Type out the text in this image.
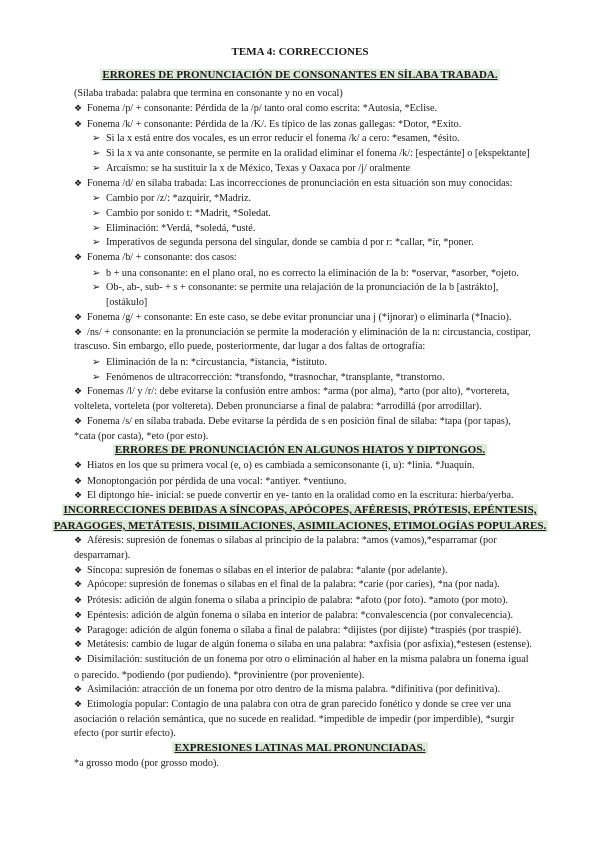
TEMA 4: CORRECCIONES
ERRORES DE PRONUNCIACIÓN DE CONSONANTES EN SÍLABA TRABADA.
(Sílaba trabada: palabra que termina en consonante y no en vocal)
❖ Fonema /p/ + consonante: Pérdida de la /p/ tanto oral como escrita: *Autosia, *Eclise.
❖ Fonema /k/ + consonante: Pérdida de la /K/. Es típico de las zonas gallegas: *Dotor, *Exito.
➢ Si la x está entre dos vocales, es un error reducir el fonema /k/ a cero: *esamen, *ésito.
➢ Si la x va ante consonante, se permite en la oralidad eliminar el fonema /k/: [espectánte] o [ekspektante]
➢ Arcaísmo: se ha sustituir la x de México, Texas y Oaxaca por /j/ oralmente
❖ Fonema /d/ en sílaba trabada: Las incorrecciones de pronunciación en esta situación son muy conocidas:
➢ Cambio por /z/: *azquirir, *Madriz.
➢ Cambio por sonido t: *Madrit, *Soledat.
➢ Eliminación: *Verdá, *soledá, *usté.
➢ Imperativos de segunda persona del singular, donde se cambia d por r: *callar, *ir, *poner.
❖ Fonema /b/ + consonante: dos casos:
➢ b + una consonante: en el plano oral, no es correcto la eliminación de la b: *oservar, *asorber, *ojeto.
➢ Ob-, ab-, sub- + s + consonante: se permite una relajación de la pronunciación de la b [astrákto],
[ostákulo]
❖ Fonema /g/ + consonante: En este caso, se debe evitar pronunciar una j (*ijnorar) o eliminarla (*Inacio).
❖ /ns/ + consonante: en la pronunciación se permite la moderación y eliminación de la n: circustancia, costipar,
trascuso. Sin embargo, ello puede, posteriormente, dar lugar a dos faltas de ortografía:
➢ Eliminación de la n: *circustancia, *istancia, *istituto.
➢ Fenómenos de ultracorrección: *transfondo, *trasnochar, *transplante, *transtorno.
❖ Fonemas /l/ y /r/: debe evitarse la confusión entre ambos: *arma (por alma), *arto (por alto), *vortereta,
volteleta, vorteleta (por voltereta). Deben pronunciarse a final de palabra: *arrodillá (por arrodillar).
❖ Fonema /s/ en sílaba trabada. Debe evitarse la pérdida de s en posición final de sílaba: *tapa (por tapas),
*cata (por casta), *eto (por esto).
ERRORES DE PRONUNCIACIÓN EN ALGUNOS HIATOS Y DIPTONGOS.
❖ Hiatos en los que su primera vocal (e, o) es cambiada a semiconsonante (i, u): *linia. *Juaquín.
❖ Monoptongación por pérdida de una vocal: *antiyer. *ventiuno.
❖ El diptongo hie- inicial: se puede convertir en ye- tanto en la oralidad como en la escritura: hierba/yerba.
INCORRECCIONES DEBIDAS A SÍNCOPAS, APÓCOPES, AFÉRESIS, PRÓTESIS, EPÉNTESIS,
PARAGOGES, METÁTESIS, DISIMILACIONES, ASIMILACIONES, ETIMOLOGÍAS POPULARES.
❖ Aféresis: supresión de fonemas o sílabas al principio de la palabra: *amos (vamos),*esparramar (por
desparramar).
❖ Síncopa: supresión de fonemas o sílabas en el interior de palabra: *alante (por adelante).
❖ Apócope: supresión de fonemas o sílabas en el final de la palabra: *carie (por caries), *na (por nada).
❖ Prótesis: adición de algún fonema o sílaba a principio de palabra: *afoto (por foto). *amoto (por moto).
❖ Epéntesis: adición de algún fonema o sílaba en interior de palabra: *convalescencia (por convalecencia).
❖ Paragoge: adición de algún fonema o sílaba a final de palabra: *dijistes (por dijiste) *traspiés (por traspié).
❖ Metátesis: cambio de lugar de algún fonema o sílaba en una palabra: *axfisia (por asfixia),*estesen (estense).
❖ Disimilación: sustitución de un fonema por otro o eliminación al haber en la misma palabra un fonema igual
o parecido. *podiendo (por pudiendo). *provinientre (por proveniente).
❖ Asimilación: atracción de un fonema por otro dentro de la misma palabra. *difinitiva (por definitiva).
❖ Etimología popular: Contagio de una palabra con otra de gran parecido fonético y donde se cree ver una
asociación o relación semántica, que no sucede en realidad. *impedible de impedir (por imperdible), *surgir
efecto (por surtir efecto).
EXPRESIONES LATINAS MAL PRONUNCIADAS.
*a grosso modo (por grosso modo).
